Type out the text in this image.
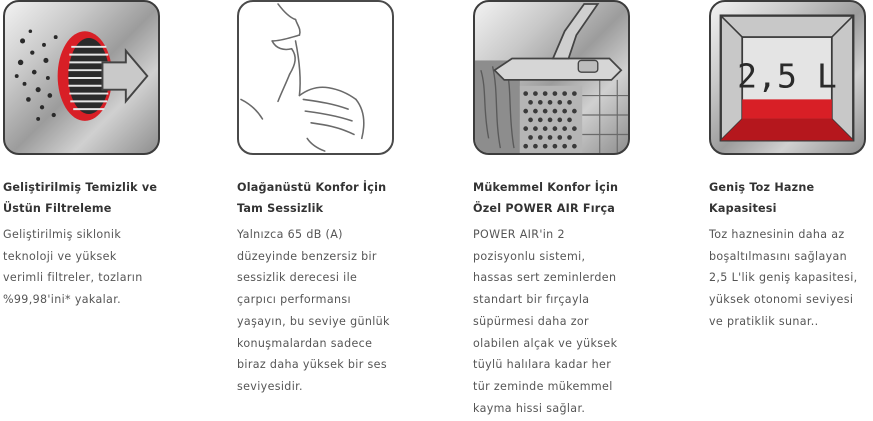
Geliştirilmiş Temizlik ve
Üstün Filtreleme
Geliştirilmiş siklonik
teknoloji ve yüksek
verimli filtreler, tozların
%99,98'ini* yakalar.
Olağanüstü Konfor İçin
Tam Sessizlik
Yalnızca 65 dB (A)
düzeyinde benzersiz bir
sessizlik derecesi ile
çarpıcı performansı
yaşayın, bu seviye günlük
konuşmalardan sadece
biraz daha yüksek bir ses
seviyesidir.
Mükemmel Konfor İçin
Özel POWER AIR Fırça
POWER AIR'in 2
pozisyonlu sistemi,
hassas sert zeminlerden
standart bir fırçayla
süpürmesi daha zor
olabilen alçak ve yüksek
tüylü halılara kadar her
tür zeminde mükemmel
kayma hissi sağlar.
2,5 L
Geniş Toz Hazne
Kapasitesi
Toz haznesinin daha az
boşaltılmasını sağlayan
2,5 L'lik geniş kapasitesi,
yüksek otonomi seviyesi
ve pratiklik sunar..
